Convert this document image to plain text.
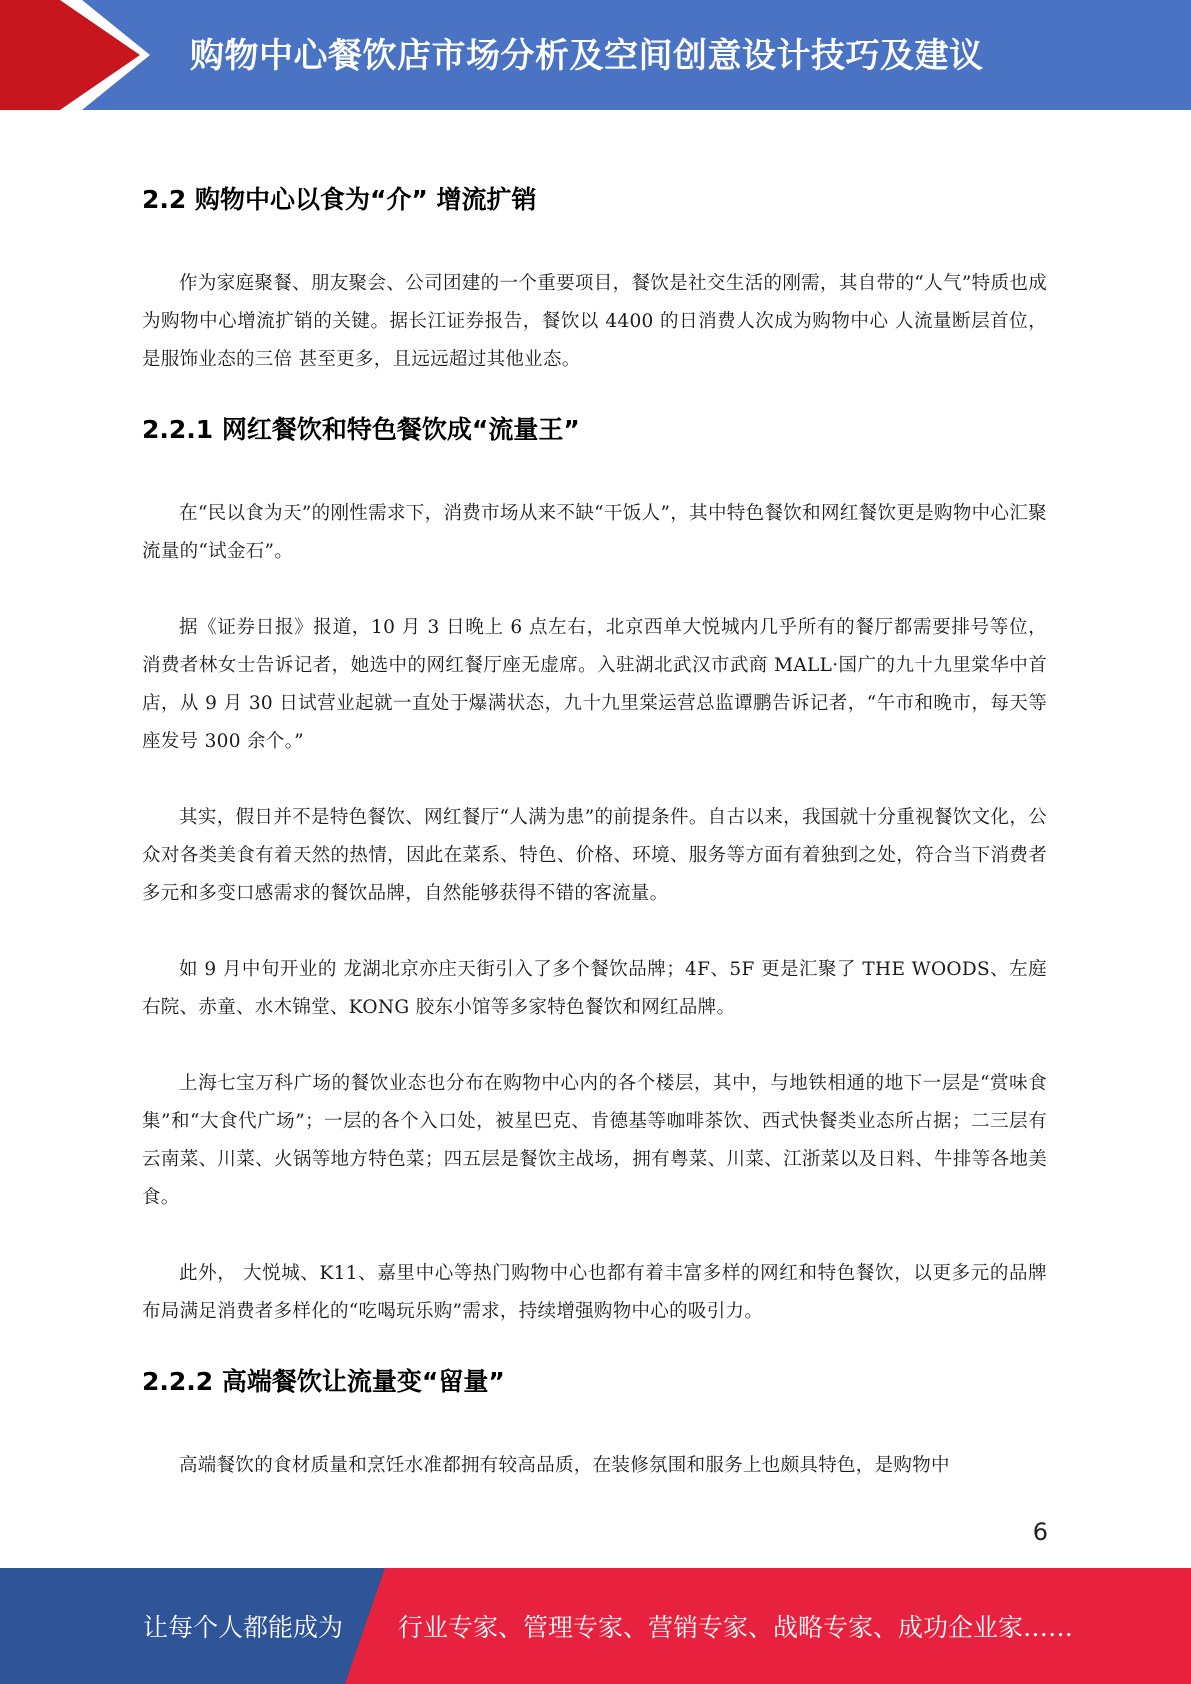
购物中心餐饮店市场分析及空间创意设计技巧及建议
2.2 购物中心以食为“介” 增流扩销

作为家庭聚餐、朋友聚会、公司团建的一个重要项目，餐饮是社交生活的刚需，其自带的“人气”特质也成为购物中心增流扩销的关键。据长江证券报告，餐饮以 4400 的日消费人次成为购物中心 人流量断层首位，是服饰业态的三倍 甚至更多，且远远超过其他业态。

2.2.1 网红餐饮和特色餐饮成“流量王”

在“民以食为天”的刚性需求下，消费市场从来不缺“干饭人”，其中特色餐饮和网红餐饮更是购物中心汇聚流量的“试金石”。

据《证券日报》报道，10 月 3 日晚上 6 点左右，北京西单大悦城内几乎所有的餐厅都需要排号等位，消费者林女士告诉记者，她选中的网红餐厅座无虚席。入驻湖北武汉市武商 MALL·国广的九十九里棠华中首店，从 9 月 30 日试营业起就一直处于爆满状态，九十九里棠运营总监谭鹏告诉记者，“午市和晚市，每天等座发号 300 余个。”

其实，假日并不是特色餐饮、网红餐厅“人满为患”的前提条件。自古以来，我国就十分重视餐饮文化，公众对各类美食有着天然的热情，因此在菜系、特色、价格、环境、服务等方面有着独到之处，符合当下消费者多元和多变口感需求的餐饮品牌，自然能够获得不错的客流量。

如 9 月中旬开业的 龙湖北京亦庄天街引入了多个餐饮品牌；4F、5F 更是汇聚了 THE WOODS、左庭右院、赤童、水木锦堂、KONG 胶东小馆等多家特色餐饮和网红品牌。

上海七宝万科广场的餐饮业态也分布在购物中心内的各个楼层，其中，与地铁相通的地下一层是“赏味食集”和“大食代广场”；一层的各个入口处，被星巴克、肯德基等咖啡茶饮、西式快餐类业态所占据；二三层有云南菜、川菜、火锅等地方特色菜；四五层是餐饮主战场，拥有粤菜、川菜、江浙菜以及日料、牛排等各地美食。

此外， 大悦城、K11、嘉里中心等热门购物中心也都有着丰富多样的网红和特色餐饮，以更多元的品牌布局满足消费者多样化的“吃喝玩乐购”需求，持续增强购物中心的吸引力。

2.2.2 高端餐饮让流量变“留量”

高端餐饮的食材质量和烹饪水准都拥有较高品质，在装修氛围和服务上也颇具特色，是购物中

6
让每个人都能成为 行业专家、管理专家、营销专家、战略专家、成功企业家……
